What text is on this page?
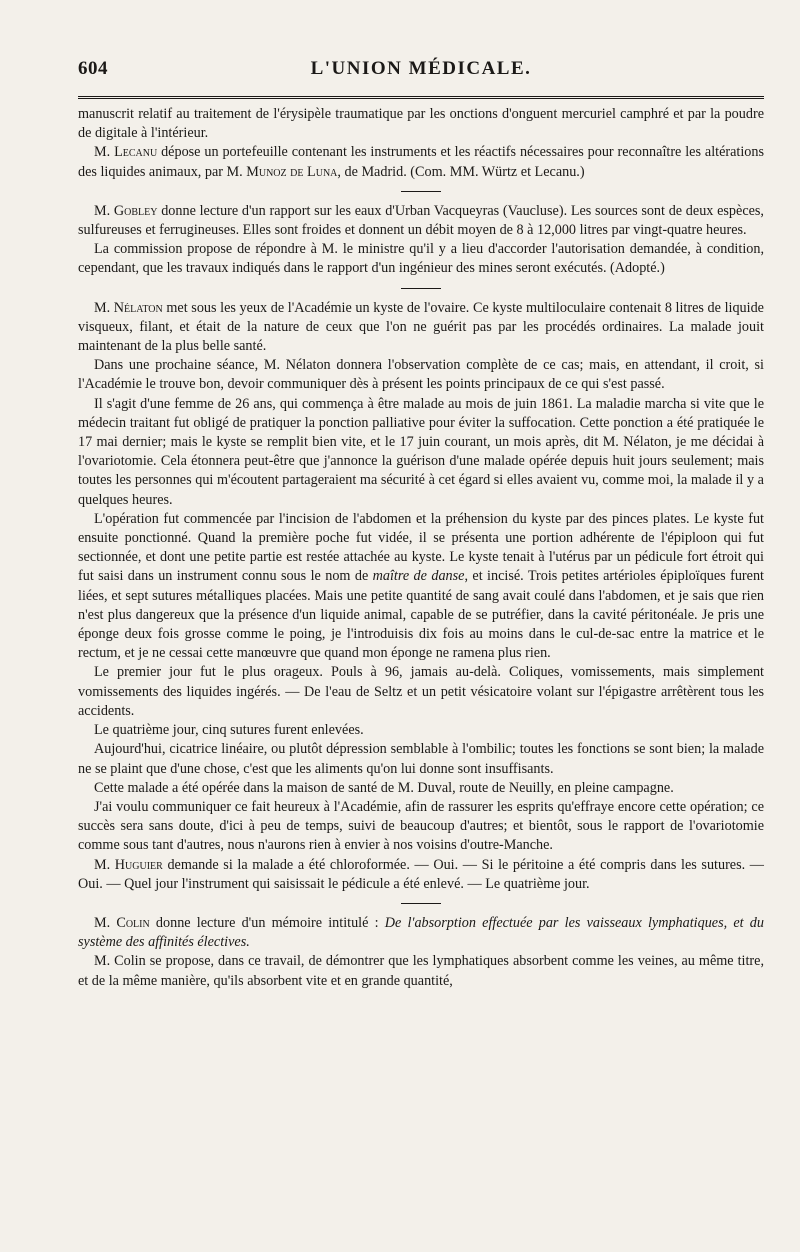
604	L'UNION MÉDICALE.

manuscrit relatif au traitement de l'érysipèle traumatique par les onctions d'onguent mercuriel camphré et par la poudre de digitale à l'intérieur.

M. Lecanu dépose un portefeuille contenant les instruments et les réactifs nécessaires pour reconnaître les altérations des liquides animaux, par M. Munoz de Luna, de Madrid. (Com. MM. Würtz et Lecanu.)

M. Gobley donne lecture d'un rapport sur les eaux d'Urban Vacqueyras (Vaucluse). Les sources sont de deux espèces, sulfureuses et ferrugineuses. Elles sont froides et donnent un débit moyen de 8 à 12,000 litres par vingt-quatre heures.

La commission propose de répondre à M. le ministre qu'il y a lieu d'accorder l'autorisation demandée, à condition, cependant, que les travaux indiqués dans le rapport d'un ingénieur des mines seront exécutés. (Adopté.)

M. Nélaton met sous les yeux de l'Académie un kyste de l'ovaire. Ce kyste multiloculaire contenait 8 litres de liquide visqueux, filant, et était de la nature de ceux que l'on ne guérit pas par les procédés ordinaires. La malade jouit maintenant de la plus belle santé.

Dans une prochaine séance, M. Nélaton donnera l'observation complète de ce cas; mais, en attendant, il croit, si l'Académie le trouve bon, devoir communiquer dès à présent les points principaux de ce qui s'est passé.

Il s'agit d'une femme de 26 ans, qui commença à être malade au mois de juin 1861. La maladie marcha si vite que le médecin traitant fut obligé de pratiquer la ponction palliative pour éviter la suffocation. Cette ponction a été pratiquée le 17 mai dernier; mais le kyste se remplit bien vite, et le 17 juin courant, un mois après, dit M. Nélaton, je me décidai à l'ovariotomie. Cela étonnera peut-être que j'annonce la guérison d'une malade opérée depuis huit jours seulement; mais toutes les personnes qui m'écoutent partageraient ma sécurité à cet égard si elles avaient vu, comme moi, la malade il y a quelques heures.

L'opération fut commencée par l'incision de l'abdomen et la préhension du kyste par des pinces plates. Le kyste fut ensuite ponctionné. Quand la première poche fut vidée, il se présenta une portion adhérente de l'épiploon qui fut sectionnée, et dont une petite partie est restée attachée au kyste. Le kyste tenait à l'utérus par un pédicule fort étroit qui fut saisi dans un instrument connu sous le nom de maître de danse, et incisé. Trois petites artérioles épiploïques furent liées, et sept sutures métalliques placées. Mais une petite quantité de sang avait coulé dans l'abdomen, et je sais que rien n'est plus dangereux que la présence d'un liquide animal, capable de se putréfier, dans la cavité péritonéale. Je pris une éponge deux fois grosse comme le poing, je l'introduisis dix fois au moins dans le cul-de-sac entre la matrice et le rectum, et je ne cessai cette manœuvre que quand mon éponge ne ramena plus rien.

Le premier jour fut le plus orageux. Pouls à 96, jamais au-delà. Coliques, vomissements, mais simplement vomissements des liquides ingérés. — De l'eau de Seltz et un petit vésicatoire volant sur l'épigastre arrêtèrent tous les accidents.

Le quatrième jour, cinq sutures furent enlevées.

Aujourd'hui, cicatrice linéaire, ou plutôt dépression semblable à l'ombilic; toutes les fonctions se sont bien; la malade ne se plaint que d'une chose, c'est que les aliments qu'on lui donne sont insuffisants.

Cette malade a été opérée dans la maison de santé de M. Duval, route de Neuilly, en pleine campagne.

J'ai voulu communiquer ce fait heureux à l'Académie, afin de rassurer les esprits qu'effraye encore cette opération; ce succès sera sans doute, d'ici à peu de temps, suivi de beaucoup d'autres; et bientôt, sous le rapport de l'ovariotomie comme sous tant d'autres, nous n'aurons rien à envier à nos voisins d'outre-Manche.

M. Huguier demande si la malade a été chloroformée. — Oui. — Si le péritoine a été compris dans les sutures. — Oui. — Quel jour l'instrument qui saisissait le pédicule a été enlevé. — Le quatrième jour.

M. Colin donne lecture d'un mémoire intitulé : De l'absorption effectuée par les vaisseaux lymphatiques, et du système des affinités électives.

M. Colin se propose, dans ce travail, de démontrer que les lymphatiques absorbent comme les veines, au même titre, et de la même manière, qu'ils absorbent vite et en grande quantité,
